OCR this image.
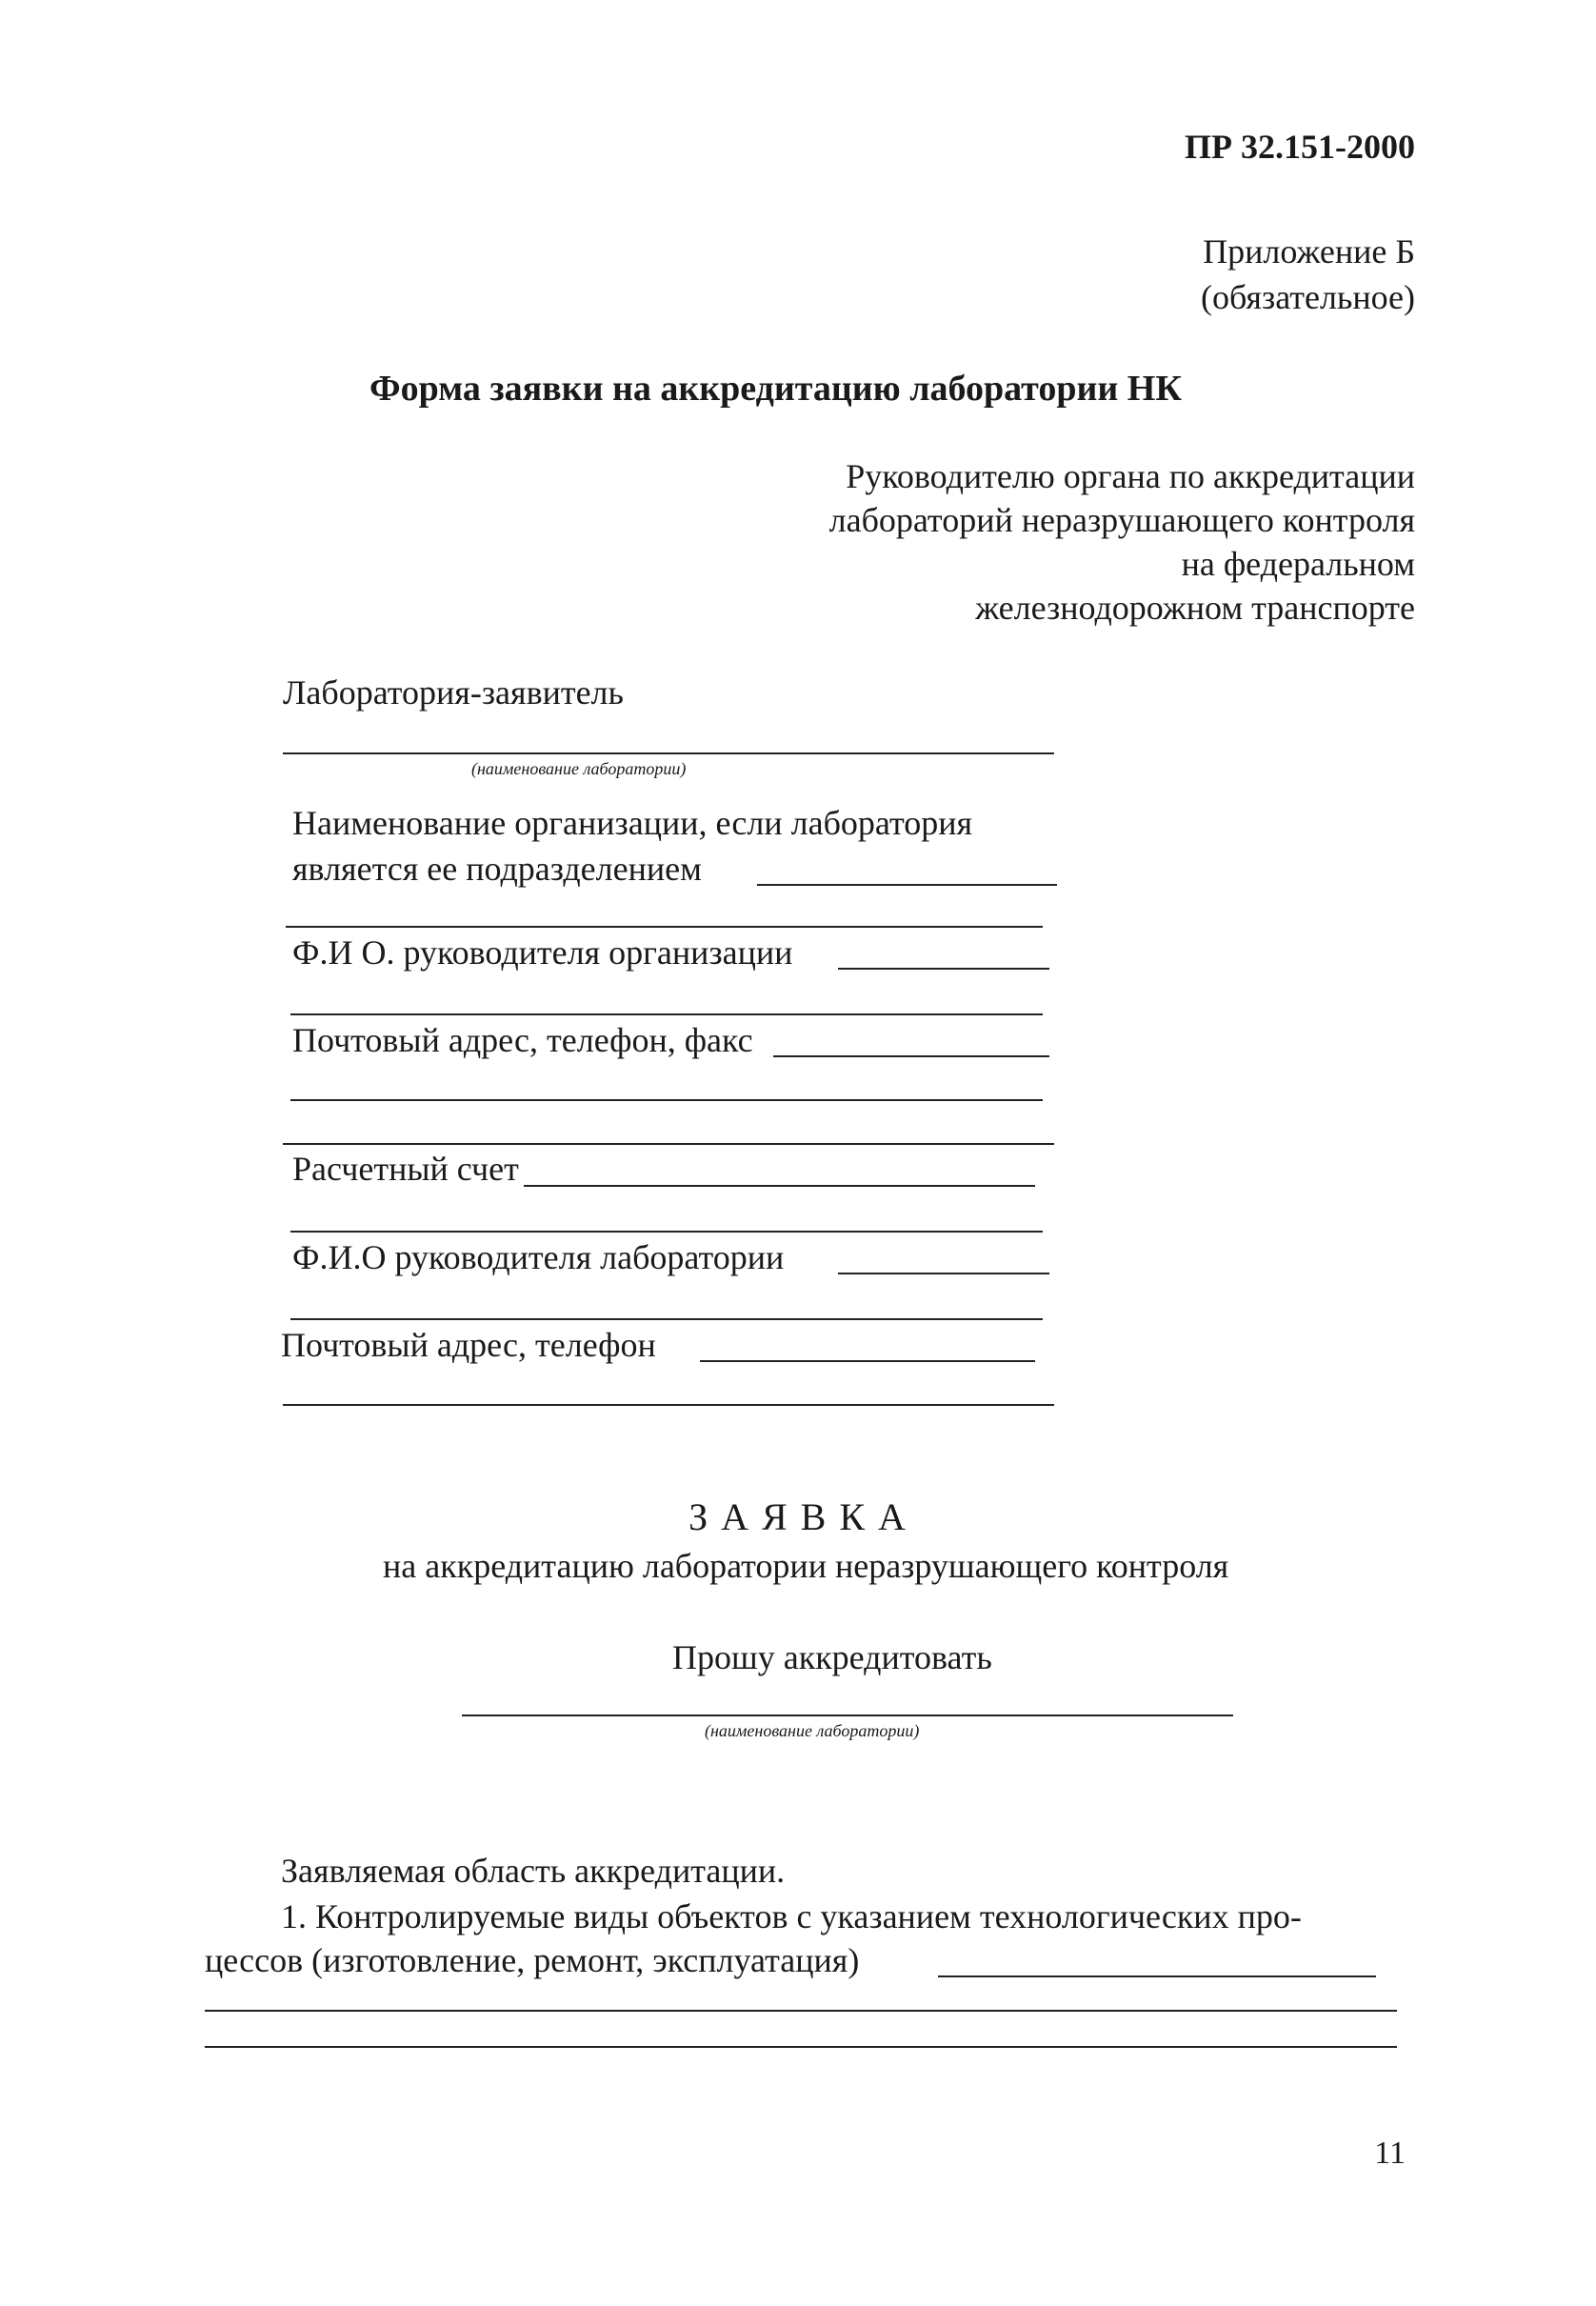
ПР 32.151-2000
Приложение Б
(обязательное)
Форма заявки на аккредитацию лаборатории НК
Руководителю органа по аккредитации
лабораторий неразрушающего контроля
на федеральном
железнодорожном транспорте
Лаборатория-заявитель
(наименование лаборатории)
Наименование организации, если лаборатория
является ее подразделением
Ф.И О. руководителя организации
Почтовый адрес, телефон, факс
Расчетный счет
Ф.И.О руководителя лаборатории
Почтовый адрес, телефон
З А Я В К А
на аккредитацию лаборатории неразрушающего контроля
Прошу аккредитовать
(наименование лаборатории)
Заявляемая область аккредитации.
1. Контролируемые виды объектов с указанием технологических про-
цессов (изготовление, ремонт, эксплуатация)
11
